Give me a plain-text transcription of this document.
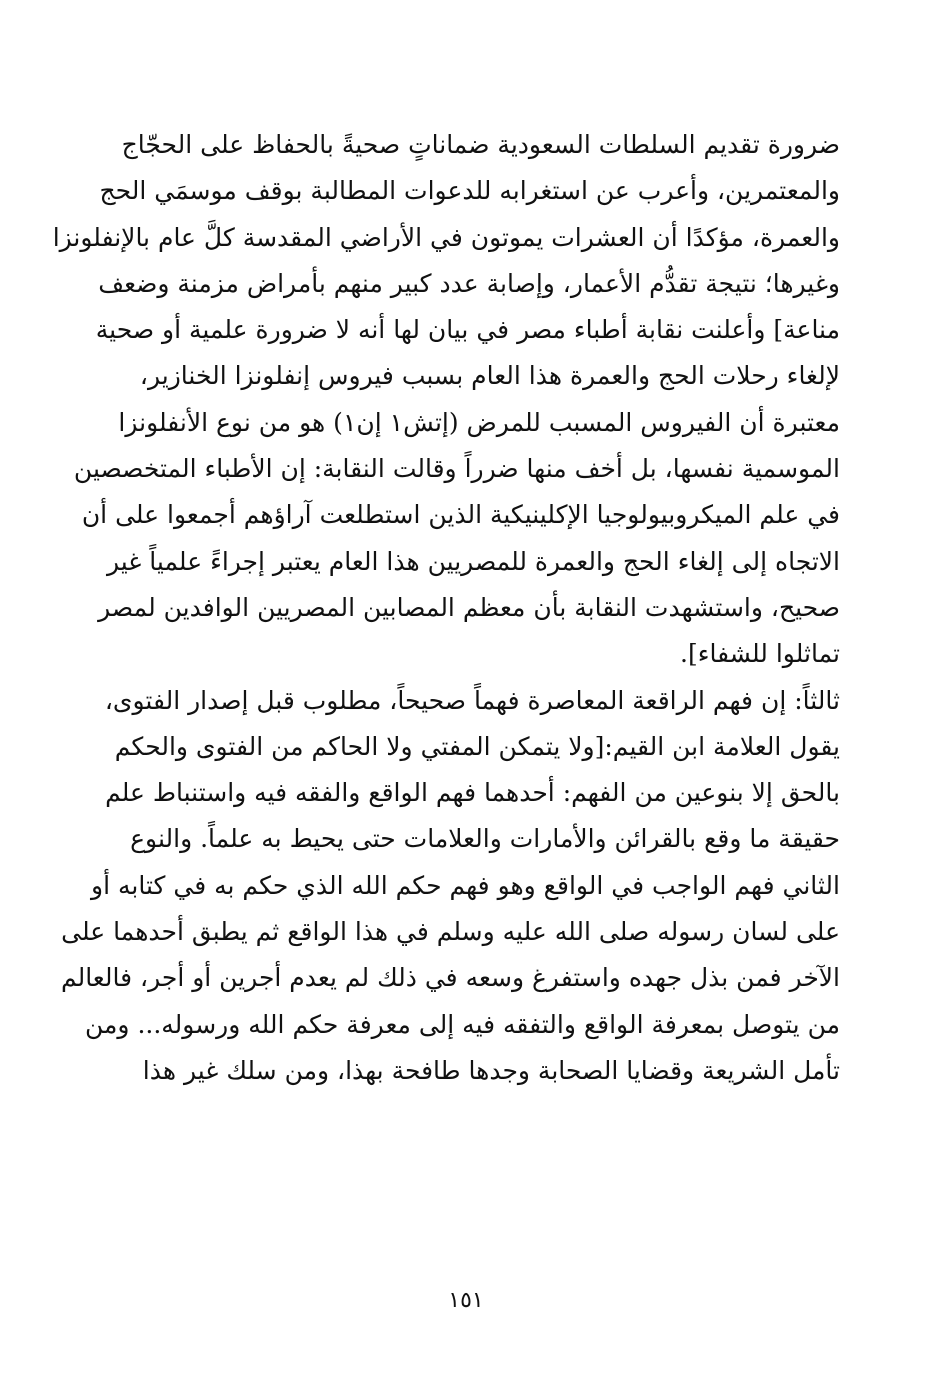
ضرورة تقديم السلطات السعودية ضماناتٍ صحيةً بالحفاظ على الحجّاج
والمعتمرين، وأعرب عن استغرابه للدعوات المطالبة بوقف موسمَي الحج
والعمرة، مؤكدًا أن العشرات يموتون في الأراضي المقدسة كلَّ عام بالإنفلونزا
وغيرها؛ نتيجة تقدُّم الأعمار، وإصابة عدد كبير منهم بأمراض مزمنة وضعف
مناعة] وأعلنت نقابة أطباء مصر في بيان لها أنه لا ضرورة علمية أو صحية
لإلغاء رحلات الحج والعمرة هذا العام بسبب فيروس إنفلونزا الخنازير،
معتبرة أن الفيروس المسبب للمرض (إتش١ إن١) هو من نوع الأنفلونزا
الموسمية نفسها، بل أخف منها ضرراً وقالت النقابة: إن الأطباء المتخصصين
في علم الميكروبيولوجيا الإكلينيكية الذين استطلعت آراؤهم أجمعوا على أن
الاتجاه إلى إلغاء الحج والعمرة للمصريين هذا العام يعتبر إجراءً علمياً غير
صحيح، واستشهدت النقابة بأن معظم المصابين المصريين الوافدين لمصر
تماثلوا للشفاء].
ثالثاً: إن فهم الراقعة المعاصرة فهماً صحيحاً، مطلوب قبل إصدار الفتوى،
يقول العلامة ابن القيم:[ولا يتمكن المفتي ولا الحاكم من الفتوى والحكم
بالحق إلا بنوعين من الفهم: أحدهما فهم الواقع والفقه فيه واستنباط علم
حقيقة ما وقع بالقرائن والأمارات والعلامات حتى يحيط به علماً. والنوع
الثاني فهم الواجب في الواقع وهو فهم حكم الله الذي حكم به في كتابه أو
على لسان رسوله صلى الله عليه وسلم في هذا الواقع ثم يطبق أحدهما على
الآخر فمن بذل جهده واستفرغ وسعه في ذلك لم يعدم أجرين أو أجر، فالعالم
من يتوصل بمعرفة الواقع والتفقه فيه إلى معرفة حكم الله ورسوله... ومن
تأمل الشريعة وقضايا الصحابة وجدها طافحة بهذا، ومن سلك غير هذا
١٥١
